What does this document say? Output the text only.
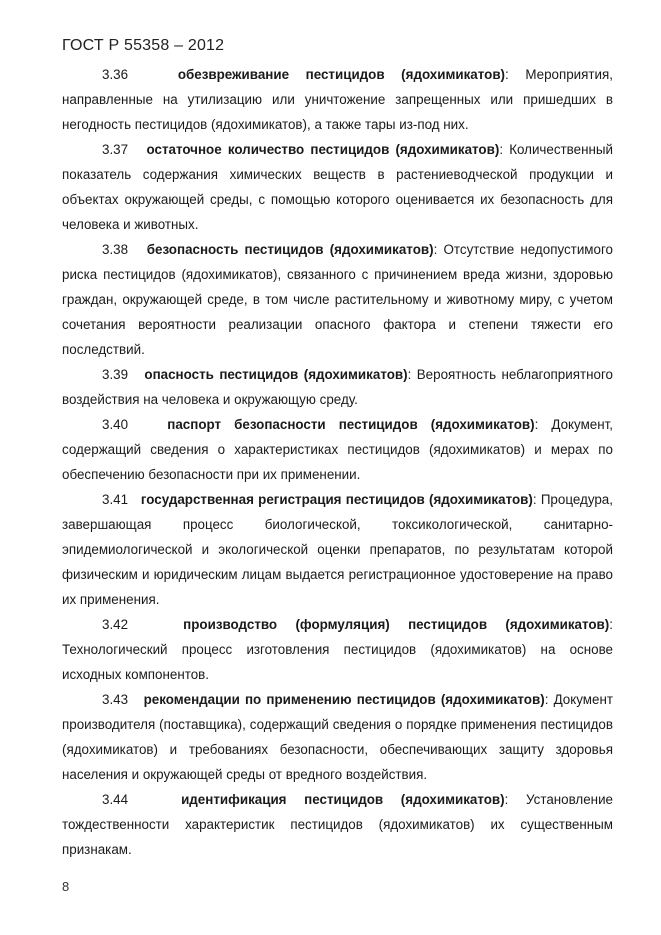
ГОСТ Р 55358 – 2012

3.36	обезвреживание пестицидов (ядохимикатов): Мероприятия, направленные на утилизацию или уничтожение запрещенных или пришедших в негодность пестицидов (ядохимикатов), а также тары из-под них.

3.37 остаточное количество пестицидов (ядохимикатов): Количественный показатель содержания химических веществ в растениеводческой продукции и объектах окружающей среды, с помощью которого оценивается их безопасность для человека и животных.

3.38 безопасность пестицидов (ядохимикатов): Отсутствие недопустимого риска пестицидов (ядохимикатов), связанного с причинением вреда жизни, здоровью граждан, окружающей среде, в том числе растительному и животному миру, с учетом сочетания вероятности реализации опасного фактора и степени тяжести его последствий.

3.39 опасность пестицидов (ядохимикатов): Вероятность неблагоприятного воздействия на человека и окружающую среду.

3.40	паспорт безопасности пестицидов (ядохимикатов): Документ, содержащий сведения о характеристиках пестицидов (ядохимикатов) и мерах по обеспечению безопасности при их применении.

3.41 государственная регистрация пестицидов (ядохимикатов): Процедура, завершающая процесс биологической, токсикологической, санитарно-эпидемиологической и экологической оценки препаратов, по результатам которой физическим и юридическим лицам выдается регистрационное удостоверение на право их применения.

3.42	производство (формуляция) пестицидов (ядохимикатов): Технологический процесс изготовления пестицидов (ядохимикатов) на основе исходных компонентов.

3.43 рекомендации по применению пестицидов (ядохимикатов): Документ производителя (поставщика), содержащий сведения о порядке применения пестицидов (ядохимикатов) и требованиях безопасности, обеспечивающих защиту здоровья населения и окружающей среды от вредного воздействия.

3.44	идентификация пестицидов (ядохимикатов): Установление тождественности характеристик пестицидов (ядохимикатов) их существенным признакам.

8
